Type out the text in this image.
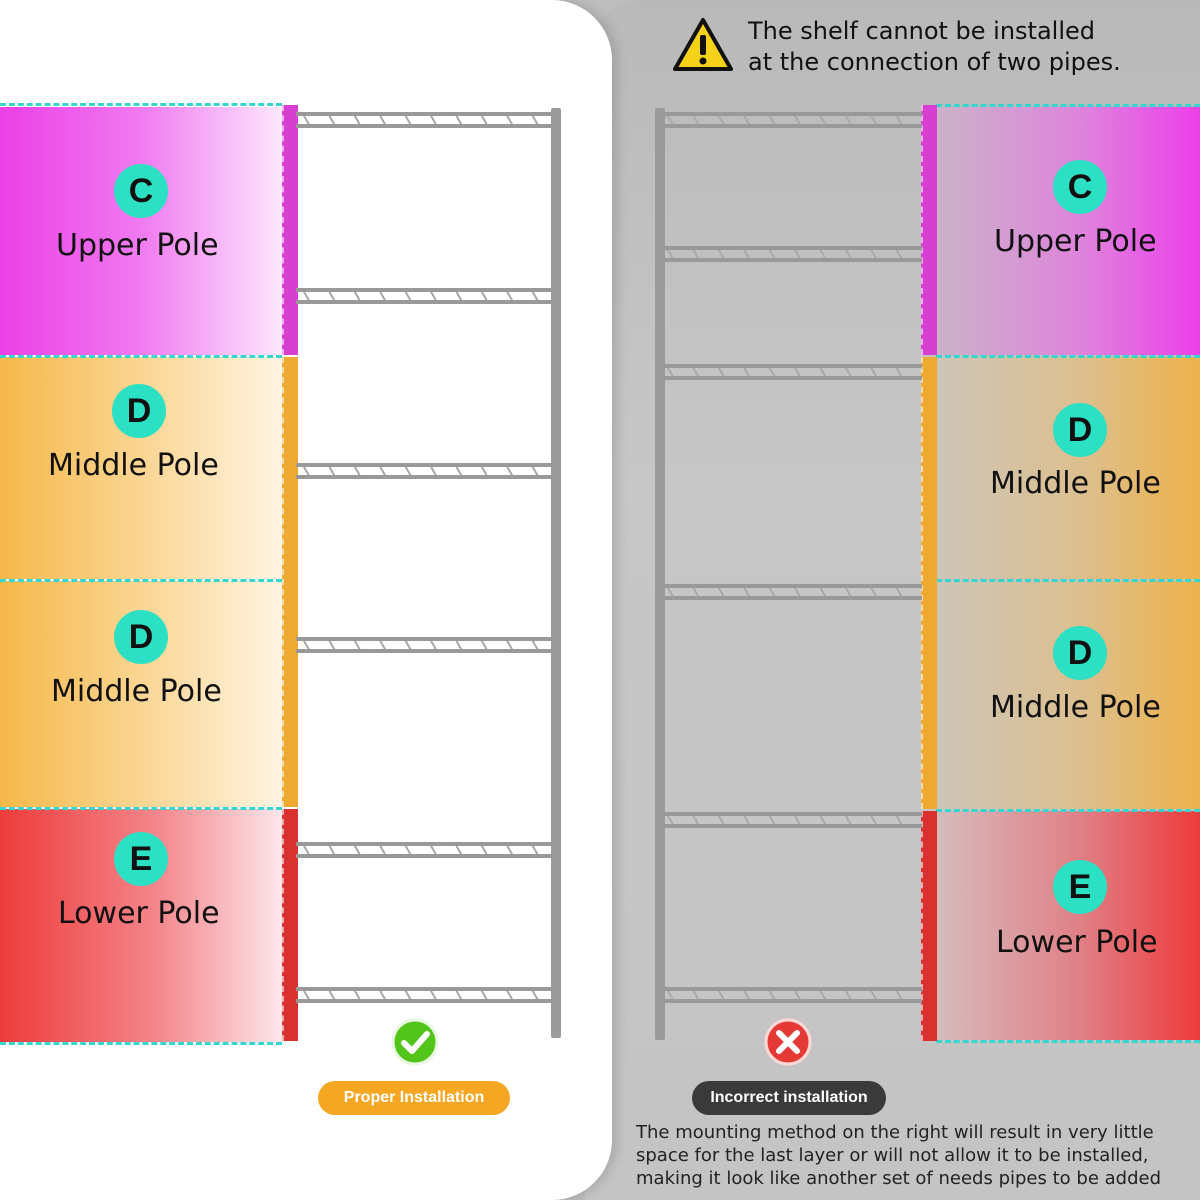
C
Upper Pole
D
Middle Pole
D
Middle Pole
E
Lower Pole
C
Upper Pole
D
Middle Pole
D
Middle Pole
E
Lower Pole
The shelf cannot be installed
at the connection of two pipes.
Proper Installation	Incorrect installation
The mounting method on the right will result in very little space for the last layer or will not allow it to be installed, making it look like another set of needs pipes to be added
